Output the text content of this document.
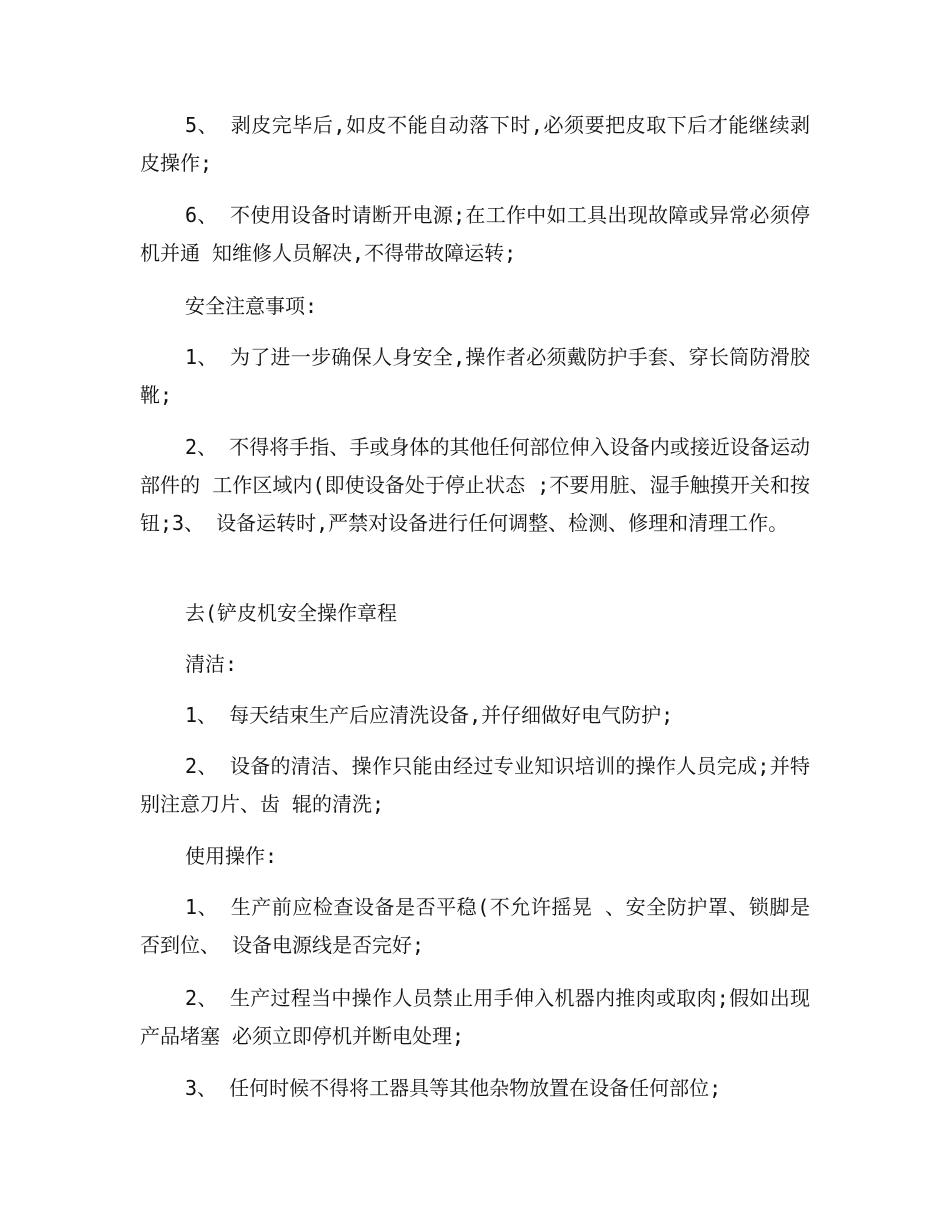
5、 剥皮完毕后,如皮不能自动落下时,必须要把皮取下后才能继续剥皮操作;

6、 不使用设备时请断开电源;在工作中如工具出现故障或异常必须停机并通 知维修人员解决,不得带故障运转;

安全注意事项:

1、 为了进一步确保人身安全,操作者必须戴防护手套、穿长筒防滑胶靴;

2、 不得将手指、手或身体的其他任何部位伸入设备内或接近设备运动部件的 工作区域内(即使设备处于停止状态 ;不要用脏、湿手触摸开关和按钮;3、 设备运转时,严禁对设备进行任何调整、检测、修理和清理工作。

去(铲皮机安全操作章程

清洁:

1、 每天结束生产后应清洗设备,并仔细做好电气防护;

2、 设备的清洁、操作只能由经过专业知识培训的操作人员完成;并特别注意刀片、齿 辊的清洗;

使用操作:

1、 生产前应检查设备是否平稳(不允许摇晃 、安全防护罩、锁脚是否到位、 设备电源线是否完好;

2、 生产过程当中操作人员禁止用手伸入机器内推肉或取肉;假如出现产品堵塞 必须立即停机并断电处理;

3、 任何时候不得将工器具等其他杂物放置在设备任何部位;
